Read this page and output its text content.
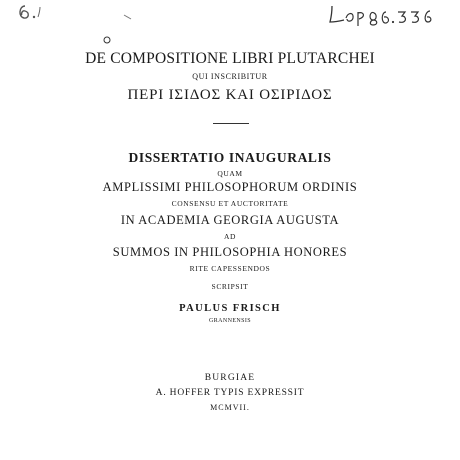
DE COMPOSITIONE LIBRI PLUTARCHEI
QUI INSCRIBITUR
ΠΕΡΙ ΙΣΙΔΟΣ ΚΑΙ ΟΣΙΡΙΔΟΣ
DISSERTATIO INAUGURALIS
QUAM
AMPLISSIMI PHILOSOPHORUM ORDINIS
CONSENSU ET AUCTORITATE
IN ACADEMIA GEORGIA AUGUSTA
AD
SUMMOS IN PHILOSOPHIA HONORES
RITE CAPESSENDOS
SCRIPSIT
PAULUS FRISCH
GRANNENSIS
BURGIAE
A. HOFFER TYPIS EXPRESSIT
MCMVII.
